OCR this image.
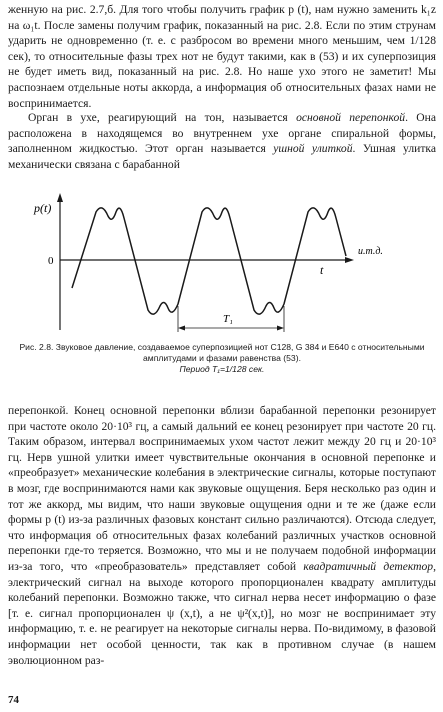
женную на рис. 2.7,б. Для того чтобы получить график p (t), нам нужно заменить k₁z на ω₁t. После замены получим график, показанный на рис. 2.8. Если по этим струнам ударить не одновременно (т. е. с разбросом во времени много меньшим, чем 1/128 сек), то относительные фазы трех нот не будут такими, как в (53) и их суперпозиция не будет иметь вид, показанный на рис. 2.8. Но наше ухо этого не заметит! Мы распознаем отдельные ноты аккорда, а информация об относительных фазах нами не воспринимается.

Орган в ухе, реагирующий на тон, называется основной перепонкой. Она расположена в находящемся во внутреннем ухе органе спиральной формы, заполненном жидкостью. Этот орган называется ушной улиткой. Ушная улитка механически связана с барабанной

p(t)
0
t
и.т.д.
T₁
Рис. 2.8. Звуковое давление, создаваемое суперпозицией нот C128, G 384 и E640 с относительными амплитудами и фазами равенства (53).
Период T₁=1/128 сек.

перепонкой. Конец основной перепонки вблизи барабанной перепонки резонирует при частоте около 20·10³ гц, а самый дальний ее конец резонирует при частоте 20 гц. Таким образом, интервал воспринимаемых ухом частот лежит между 20 гц и 20·10³ гц. Нерв ушной улитки имеет чувствительные окончания в основной перепонке и «преобразует» механические колебания в электрические сигналы, которые поступают в мозг, где воспринимаются нами как звуковые ощущения. Беря несколько раз один и тот же аккорд, мы видим, что наши звуковые ощущения одни и те же (даже если формы p (t) из-за различных фазовых констант сильно различаются). Отсюда следует, что информация об относительных фазах колебаний различных участков основной перепонки где-то теряется. Возможно, что мы и не получаем подобной информации из-за того, что «преобразователь» представляет собой квадратичный детектор, электрический сигнал на выходе которого пропорционален квадрату амплитуды колебаний перепонки. Возможно также, что сигнал нерва несет информацию о фазе [т. е. сигнал пропорционален ψ (x,t), а не ψ²(x,t)], но мозг не воспринимает эту информацию, т. е. не реагирует на некоторые сигналы нерва. По-видимому, в фазовой информации нет особой ценности, так как в противном случае (в нашем эволюционном раз-

74
